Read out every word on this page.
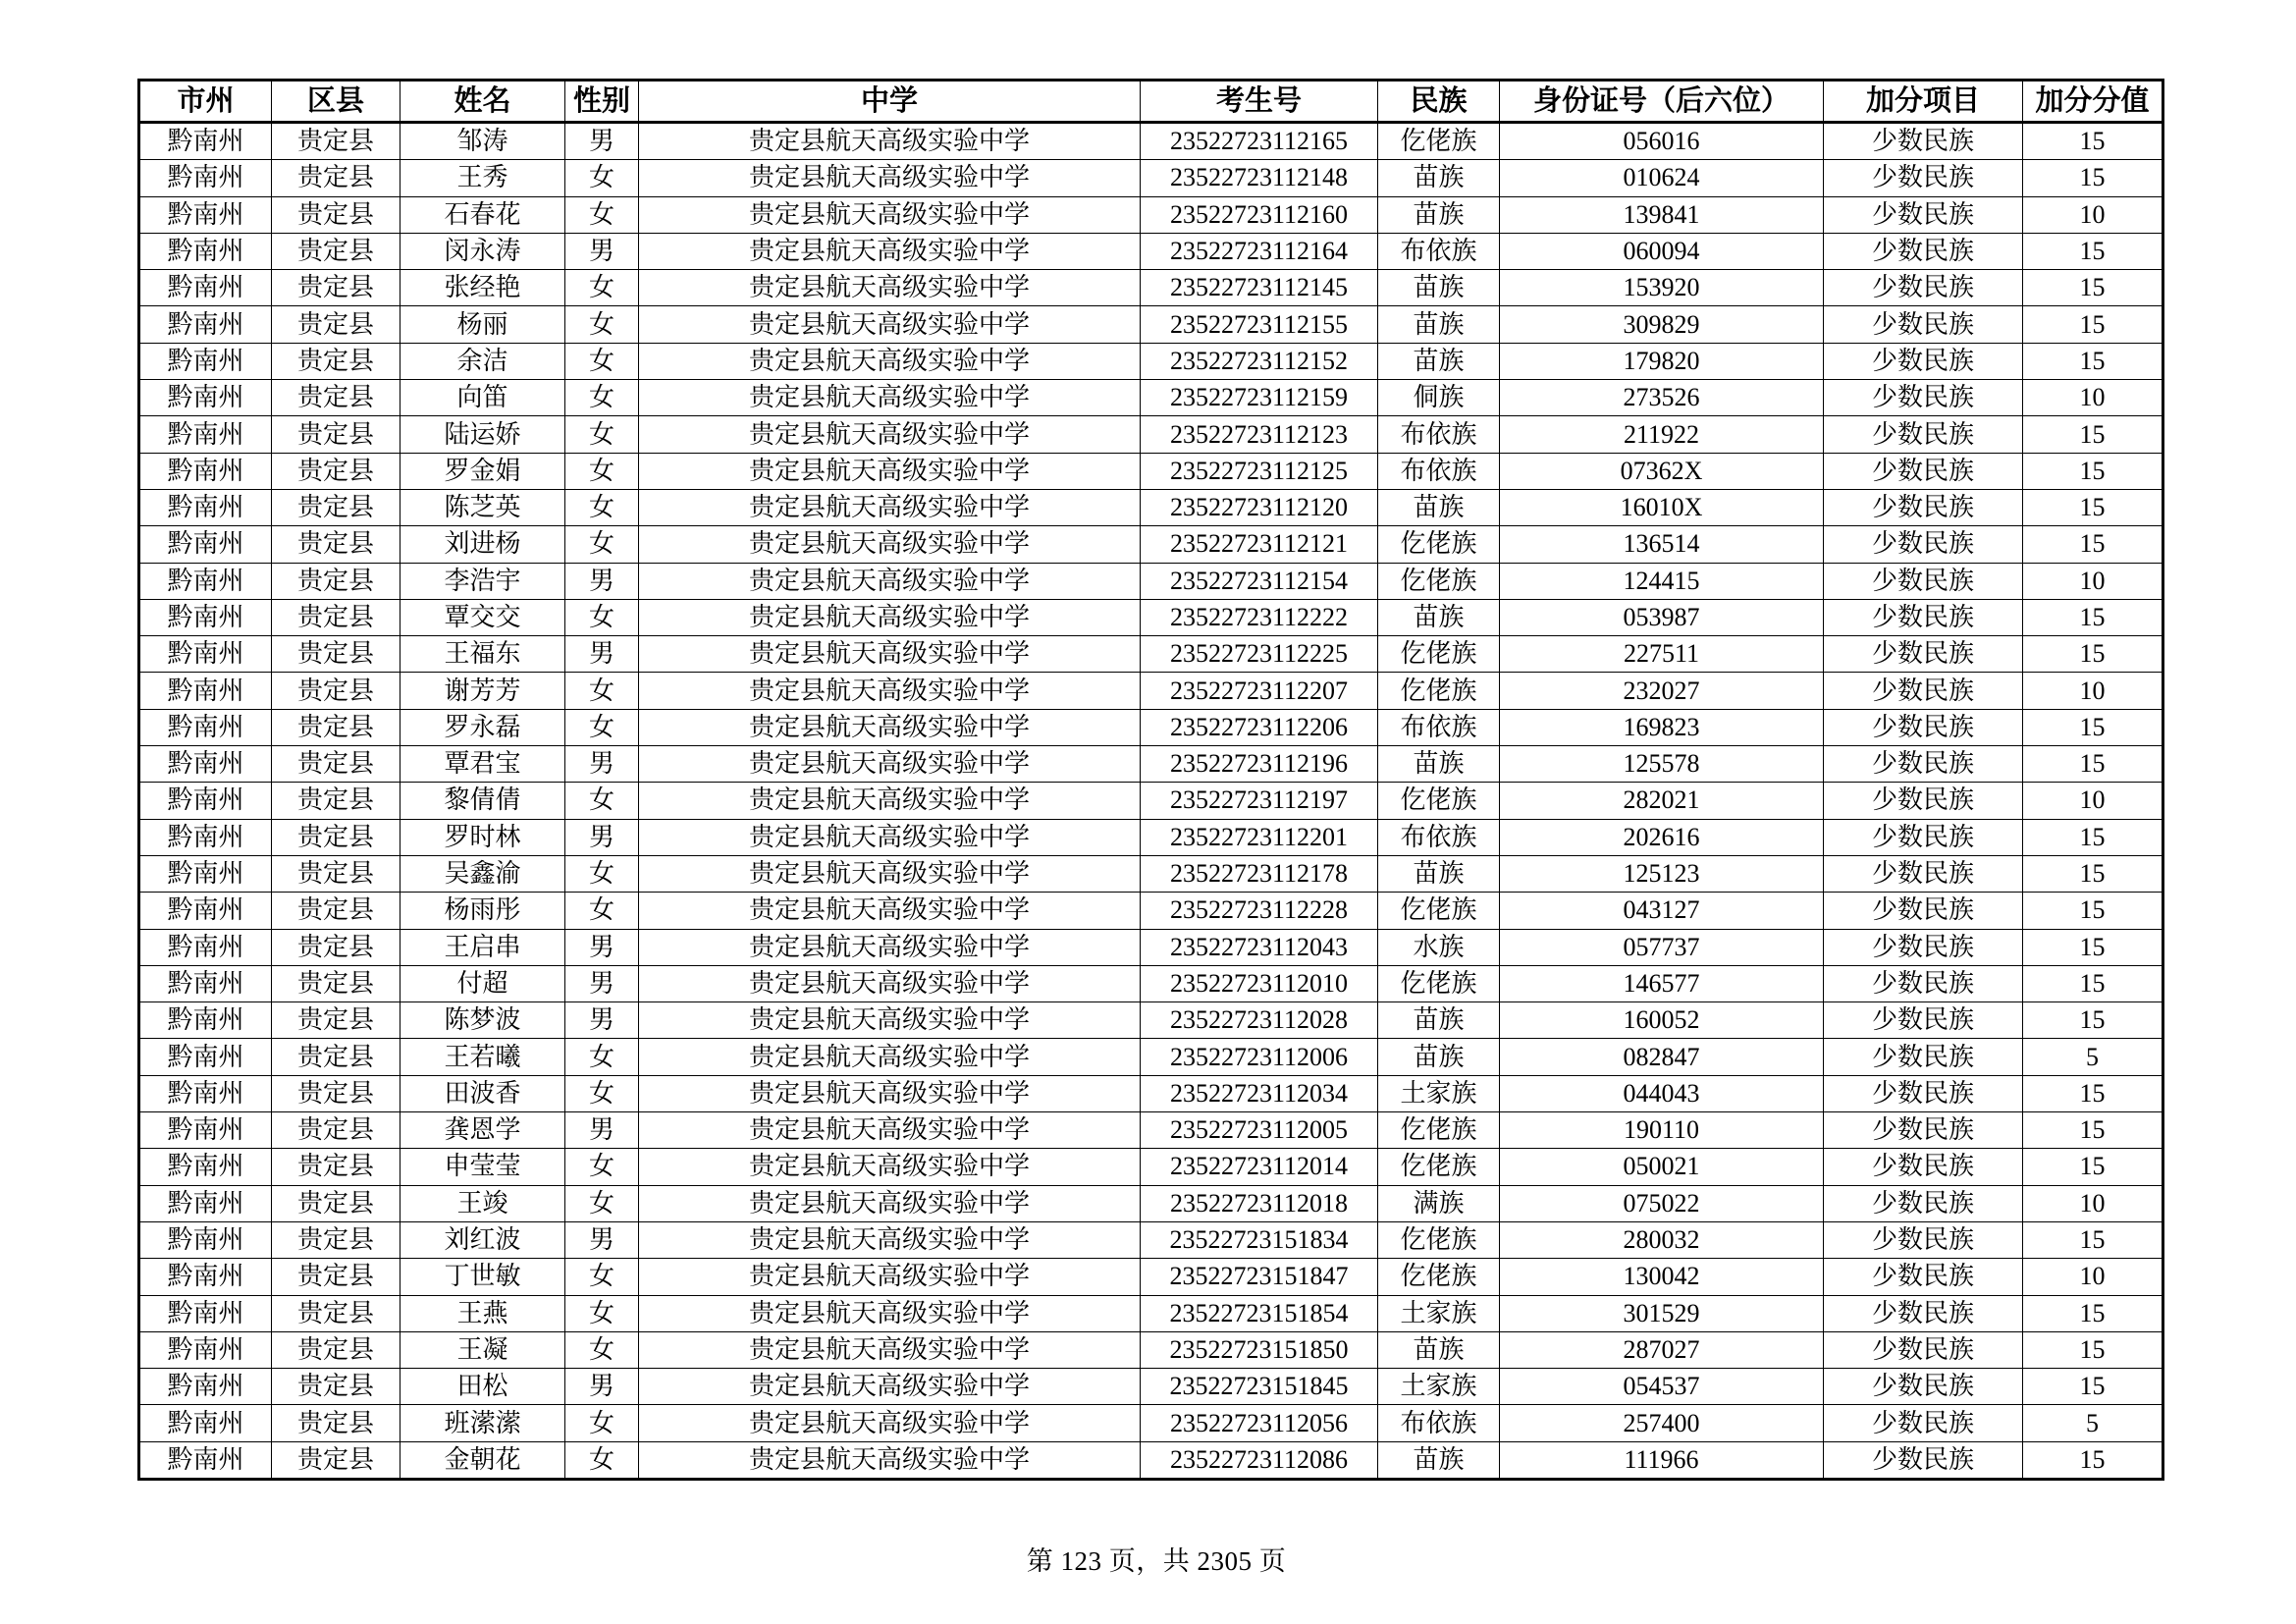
市州	区县	姓名	性别	中学	考生号	民族	身份证号（后六位）	加分项目	加分分值
黔南州	贵定县	邹涛	男	贵定县航天高级实验中学	23522723112165	仡佬族	056016	少数民族	15
黔南州	贵定县	王秀	女	贵定县航天高级实验中学	23522723112148	苗族	010624	少数民族	15
黔南州	贵定县	石春花	女	贵定县航天高级实验中学	23522723112160	苗族	139841	少数民族	10
黔南州	贵定县	闵永涛	男	贵定县航天高级实验中学	23522723112164	布依族	060094	少数民族	15
黔南州	贵定县	张经艳	女	贵定县航天高级实验中学	23522723112145	苗族	153920	少数民族	15
黔南州	贵定县	杨丽	女	贵定县航天高级实验中学	23522723112155	苗族	309829	少数民族	15
黔南州	贵定县	余洁	女	贵定县航天高级实验中学	23522723112152	苗族	179820	少数民族	15
黔南州	贵定县	向笛	女	贵定县航天高级实验中学	23522723112159	侗族	273526	少数民族	10
黔南州	贵定县	陆运娇	女	贵定县航天高级实验中学	23522723112123	布依族	211922	少数民族	15
黔南州	贵定县	罗金娟	女	贵定县航天高级实验中学	23522723112125	布依族	07362X	少数民族	15
黔南州	贵定县	陈芝英	女	贵定县航天高级实验中学	23522723112120	苗族	16010X	少数民族	15
黔南州	贵定县	刘进杨	女	贵定县航天高级实验中学	23522723112121	仡佬族	136514	少数民族	15
黔南州	贵定县	李浩宇	男	贵定县航天高级实验中学	23522723112154	仡佬族	124415	少数民族	10
黔南州	贵定县	覃交交	女	贵定县航天高级实验中学	23522723112222	苗族	053987	少数民族	15
黔南州	贵定县	王福东	男	贵定县航天高级实验中学	23522723112225	仡佬族	227511	少数民族	15
黔南州	贵定县	谢芳芳	女	贵定县航天高级实验中学	23522723112207	仡佬族	232027	少数民族	10
黔南州	贵定县	罗永磊	女	贵定县航天高级实验中学	23522723112206	布依族	169823	少数民族	15
黔南州	贵定县	覃君宝	男	贵定县航天高级实验中学	23522723112196	苗族	125578	少数民族	15
黔南州	贵定县	黎倩倩	女	贵定县航天高级实验中学	23522723112197	仡佬族	282021	少数民族	10
黔南州	贵定县	罗时林	男	贵定县航天高级实验中学	23522723112201	布依族	202616	少数民族	15
黔南州	贵定县	吴鑫渝	女	贵定县航天高级实验中学	23522723112178	苗族	125123	少数民族	15
黔南州	贵定县	杨雨彤	女	贵定县航天高级实验中学	23522723112228	仡佬族	043127	少数民族	15
黔南州	贵定县	王启串	男	贵定县航天高级实验中学	23522723112043	水族	057737	少数民族	15
黔南州	贵定县	付超	男	贵定县航天高级实验中学	23522723112010	仡佬族	146577	少数民族	15
黔南州	贵定县	陈梦波	男	贵定县航天高级实验中学	23522723112028	苗族	160052	少数民族	15
黔南州	贵定县	王若曦	女	贵定县航天高级实验中学	23522723112006	苗族	082847	少数民族	5
黔南州	贵定县	田波香	女	贵定县航天高级实验中学	23522723112034	土家族	044043	少数民族	15
黔南州	贵定县	龚恩学	男	贵定县航天高级实验中学	23522723112005	仡佬族	190110	少数民族	15
黔南州	贵定县	申莹莹	女	贵定县航天高级实验中学	23522723112014	仡佬族	050021	少数民族	15
黔南州	贵定县	王竣	女	贵定县航天高级实验中学	23522723112018	满族	075022	少数民族	10
黔南州	贵定县	刘红波	男	贵定县航天高级实验中学	23522723151834	仡佬族	280032	少数民族	15
黔南州	贵定县	丁世敏	女	贵定县航天高级实验中学	23522723151847	仡佬族	130042	少数民族	10
黔南州	贵定县	王燕	女	贵定县航天高级实验中学	23522723151854	土家族	301529	少数民族	15
黔南州	贵定县	王凝	女	贵定县航天高级实验中学	23522723151850	苗族	287027	少数民族	15
黔南州	贵定县	田松	男	贵定县航天高级实验中学	23522723151845	土家族	054537	少数民族	15
黔南州	贵定县	班潆潆	女	贵定县航天高级实验中学	23522723112056	布依族	257400	少数民族	5
黔南州	贵定县	金朝花	女	贵定县航天高级实验中学	23522723112086	苗族	111966	少数民族	15
第 123 页，共 2305 页
